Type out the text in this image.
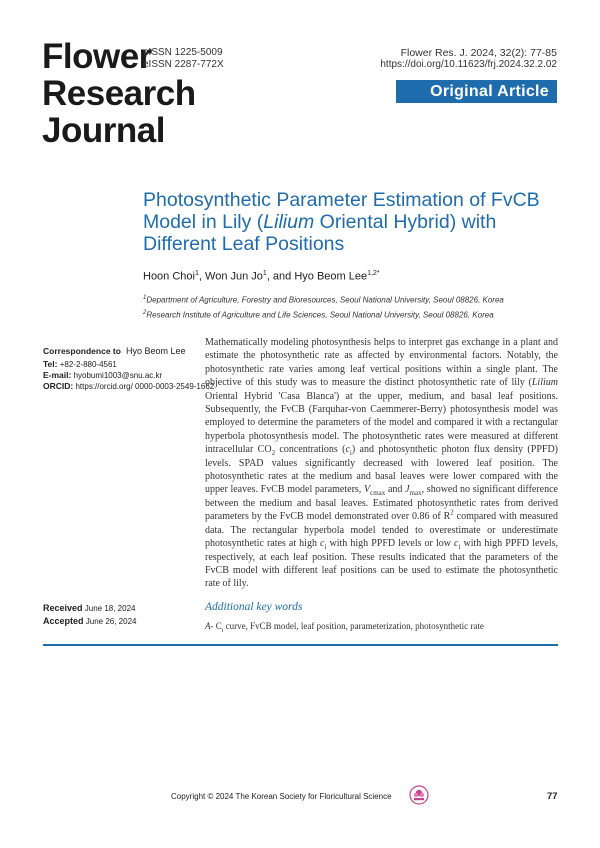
Flower
Research
Journal
pISSN 1225-5009
eISSN 2287-772X
Flower Res. J. 2024, 32(2): 77-85
https://doi.org/10.11623/frj.2024.32.2.02
Original Article
Photosynthetic Parameter Estimation of FvCB
Model in Lily (Lilium Oriental Hybrid) with
Different Leaf Positions
Hoon Choi$^1$, Won Jun Jo$^1$, and Hyo Beom Lee$^{1,2*}$
$^1$Department of Agriculture, Forestry and Bioresources, Seoul National University, Seoul 08826, Korea
$^2$Research Institute of Agriculture and Life Sciences, Seoul National University, Seoul 08826, Korea
Correspondence to Hyo Beom Lee
Tel: +82-2-880-4561
E-mail: hyobumi1003@snu.ac.kr
ORCID: https://orcid.org/ 0000-0003-2549-1662
Received June 18, 2024
Accepted June 26, 2024
Mathematically modeling photosynthesis helps to interpret gas exchange in a plant and estimate the photosynthetic rate as affected by environmental factors. Notably, the photosynthetic rate varies among leaf vertical positions within a single plant. The objective of this study was to measure the distinct photosynthetic rate of lily (Lilium Oriental Hybrid 'Casa Blanca') at the upper, medium, and basal leaf positions. Subsequently, the FvCB (Farquhar-von Caemmerer-Berry) photosynthesis model was employed to determine the parameters of the model and compared it with a rectangular hyperbola photosynthesis model. The photosynthetic rates were measured at different intracellular $CO_2$ concentrations $(c_i)$ and photosynthetic photon flux density (PPFD) levels. SPAD values significantly decreased with lowered leaf position. The photosynthetic rates at the medium and basal leaves were lower compared with the upper leaves. FvCB model parameters, $V_{cmax}$ and $J_{max}$, showed no significant difference between the medium and basal leaves. Estimated photosynthetic rates from derived parameters by the FvCB model demonstrated over 0.86 of $R^2$ compared with measured data. The rectangular hyperbola model tended to overestimate or underestimate photosynthetic rates at high $c_i$ with high PPFD levels or low $c_i$ with high PPFD levels, respectively, at each leaf position. These results indicated that the parameters of the FvCB model with different leaf positions can be used to estimate the photosynthetic rate of lily.
Additional key words
A- $C_i$ curve, FvCB model, leaf position, parameterization, photosynthetic rate
Copyright © 2024 The Korean Society for Floricultural Science	77
